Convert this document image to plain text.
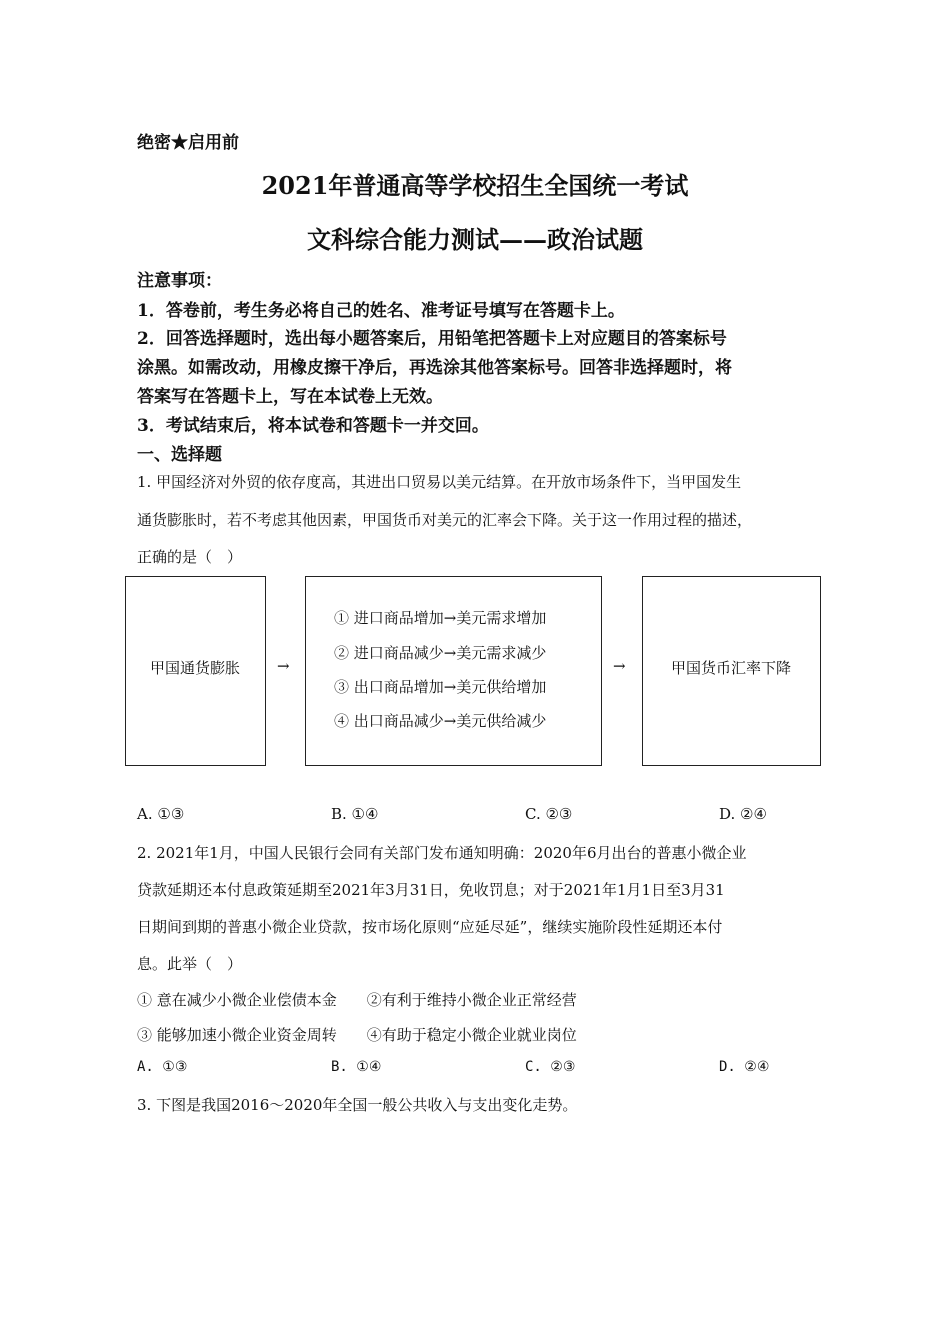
绝密★启用前
2021年普通高等学校招生全国统一考试
文科综合能力测试——政治试题
注意事项：
1．答卷前，考生务必将自己的姓名、准考证号填写在答题卡上。
2．回答选择题时，选出每小题答案后，用铅笔把答题卡上对应题目的答案标号
涂黑。如需改动，用橡皮擦干净后，再选涂其他答案标号。回答非选择题时，将
答案写在答题卡上，写在本试卷上无效。
3．考试结束后，将本试卷和答题卡一并交回。
一、选择题
1. 甲国经济对外贸的依存度高，其进出口贸易以美元结算。在开放市场条件下，当甲国发生
通货膨胀时，若不考虑其他因素，甲国货币对美元的汇率会下降。关于这一作用过程的描述，
正确的是（　）
甲国通货膨胀	→
① 进口商品增加→美元需求增加
② 进口商品减少→美元需求减少
③ 出口商品增加→美元供给增加
④ 出口商品减少→美元供给减少
→	甲国货币汇率下降
A. ①③	B. ①④	C. ②③	D. ②④
2. 2021年1月，中国人民银行会同有关部门发布通知明确：2020年6月出台的普惠小微企业
贷款延期还本付息政策延期至2021年3月31日，免收罚息；对于2021年1月1日至3月31
日期间到期的普惠小微企业贷款，按市场化原则“应延尽延”，继续实施阶段性延期还本付
息。此举（　）
① 意在减少小微企业偿债本金　　②有利于维持小微企业正常经营
③ 能够加速小微企业资金周转　　④有助于稳定小微企业就业岗位
A. ①③	B. ①④	C. ②③	D. ②④
3. 下图是我国2016～2020年全国一般公共收入与支出变化走势。
